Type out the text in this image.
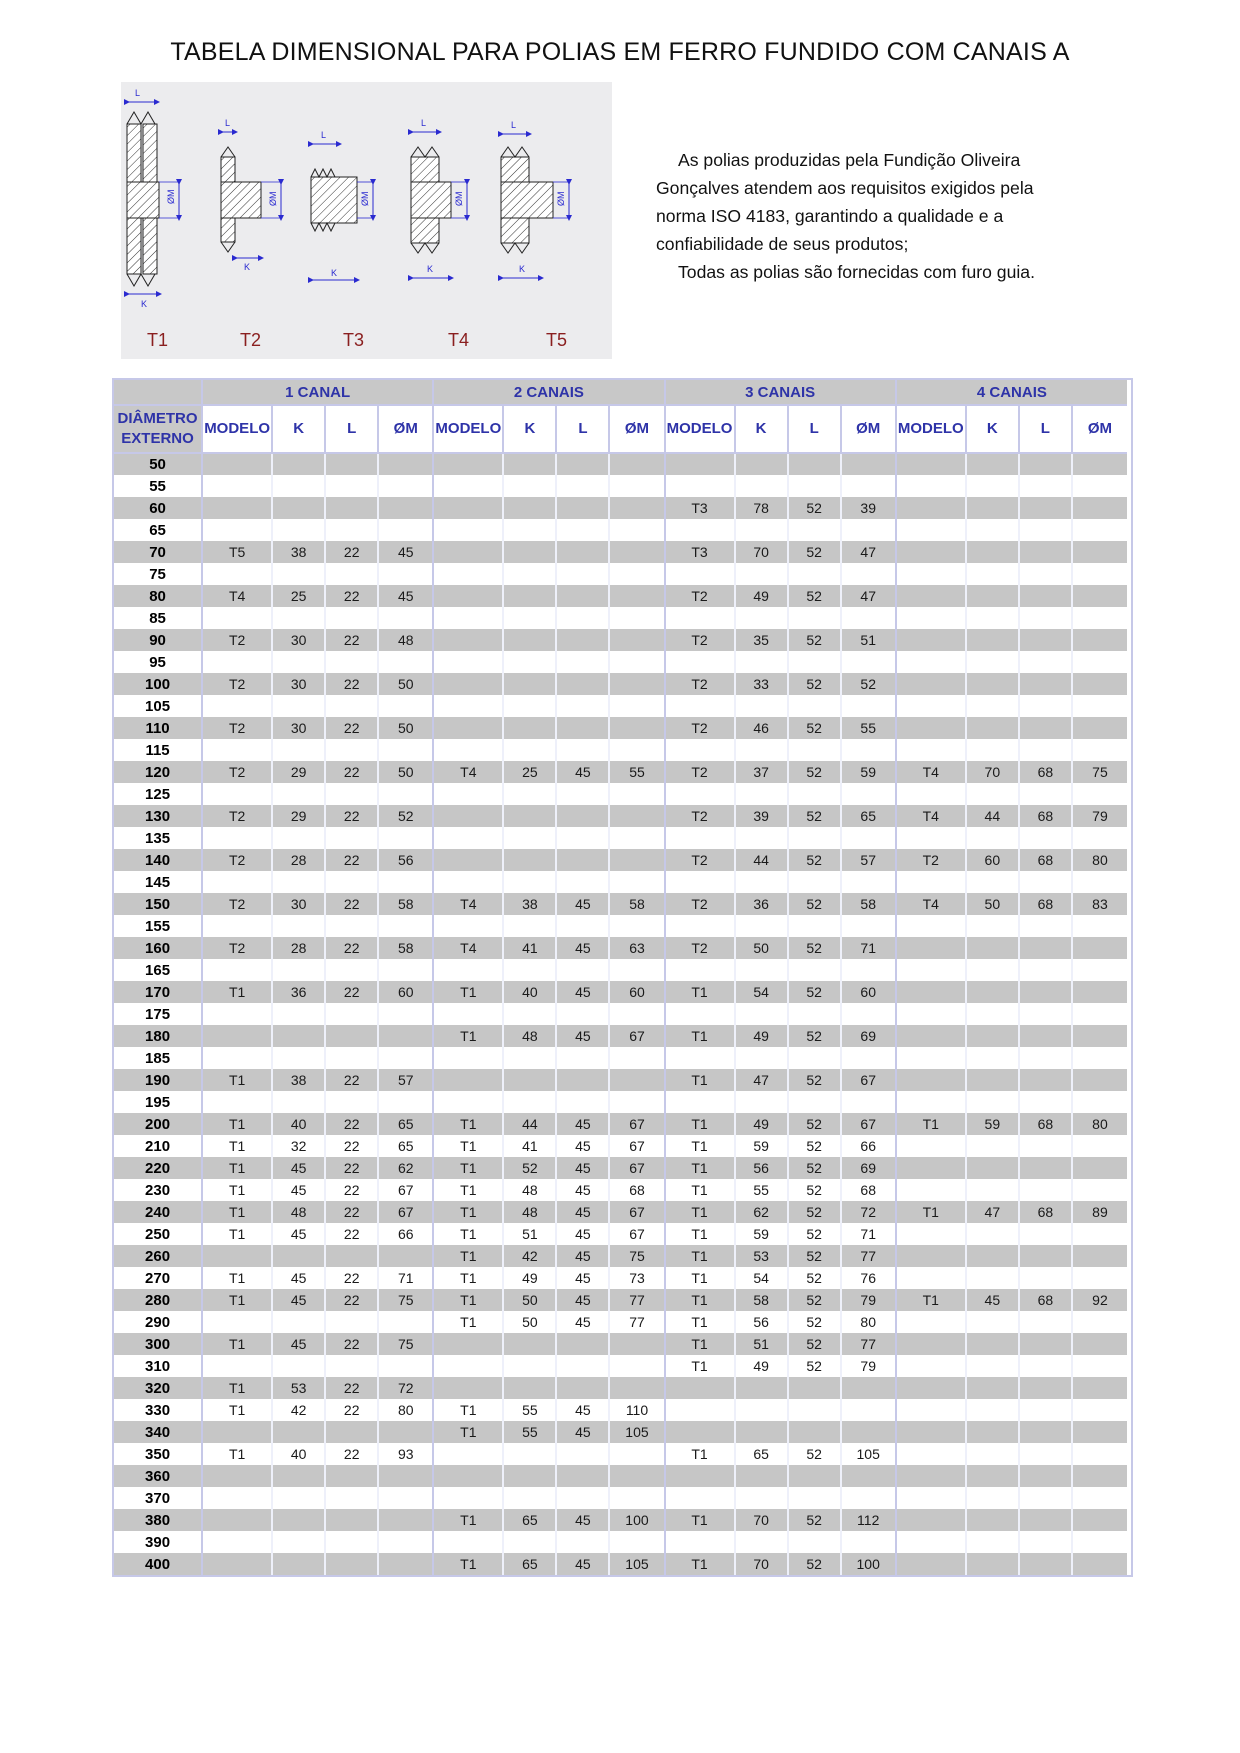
TABELA DIMENSIONAL PARA POLIAS EM FERRO FUNDIDO COM CANAIS A
L
K
ØM
L
K
ØM
L
K
ØM
L
K
ØM
L
K
ØM
T1	T2	T3	T4	T5

As polias produzidas pela Fundição Oliveira Gonçalves atendem aos requisitos exigidos pela norma ISO 4183, garantindo a qualidade e a confiabilidade de seus produtos;

Todas as polias são fornecidas com furo guia.

	1 CANAL				2 CANAIS				3 CANAIS				4 CANAIS			
DIÂMETRO EXTERNO	MODELO	K	L	ØM	MODELO	K	L	ØM	MODELO	K	L	ØM	MODELO	K	L	ØM
50																
55																
60									T3	78	52	39				
65																
70	T5	38	22	45					T3	70	52	47				
75																
80	T4	25	22	45					T2	49	52	47				
85																
90	T2	30	22	48					T2	35	52	51				
95																
100	T2	30	22	50					T2	33	52	52				
105																
110	T2	30	22	50					T2	46	52	55				
115																
120	T2	29	22	50	T4	25	45	55	T2	37	52	59	T4	70	68	75
125																
130	T2	29	22	52					T2	39	52	65	T4	44	68	79
135																
140	T2	28	22	56					T2	44	52	57	T2	60	68	80
145																
150	T2	30	22	58	T4	38	45	58	T2	36	52	58	T4	50	68	83
155																
160	T2	28	22	58	T4	41	45	63	T2	50	52	71				
165																
170	T1	36	22	60	T1	40	45	60	T1	54	52	60				
175																
180					T1	48	45	67	T1	49	52	69				
185																
190	T1	38	22	57					T1	47	52	67				
195																
200	T1	40	22	65	T1	44	45	67	T1	49	52	67	T1	59	68	80
210	T1	32	22	65	T1	41	45	67	T1	59	52	66				
220	T1	45	22	62	T1	52	45	67	T1	56	52	69				
230	T1	45	22	67	T1	48	45	68	T1	55	52	68				
240	T1	48	22	67	T1	48	45	67	T1	62	52	72	T1	47	68	89
250	T1	45	22	66	T1	51	45	67	T1	59	52	71				
260					T1	42	45	75	T1	53	52	77				
270	T1	45	22	71	T1	49	45	73	T1	54	52	76				
280	T1	45	22	75	T1	50	45	77	T1	58	52	79	T1	45	68	92
290					T1	50	45	77	T1	56	52	80				
300	T1	45	22	75					T1	51	52	77				
310									T1	49	52	79				
320	T1	53	22	72												
330	T1	42	22	80	T1	55	45	110								
340					T1	55	45	105								
350	T1	40	22	93					T1	65	52	105				
360																
370																
380					T1	65	45	100	T1	70	52	112				
390																
400					T1	65	45	105	T1	70	52	100				
